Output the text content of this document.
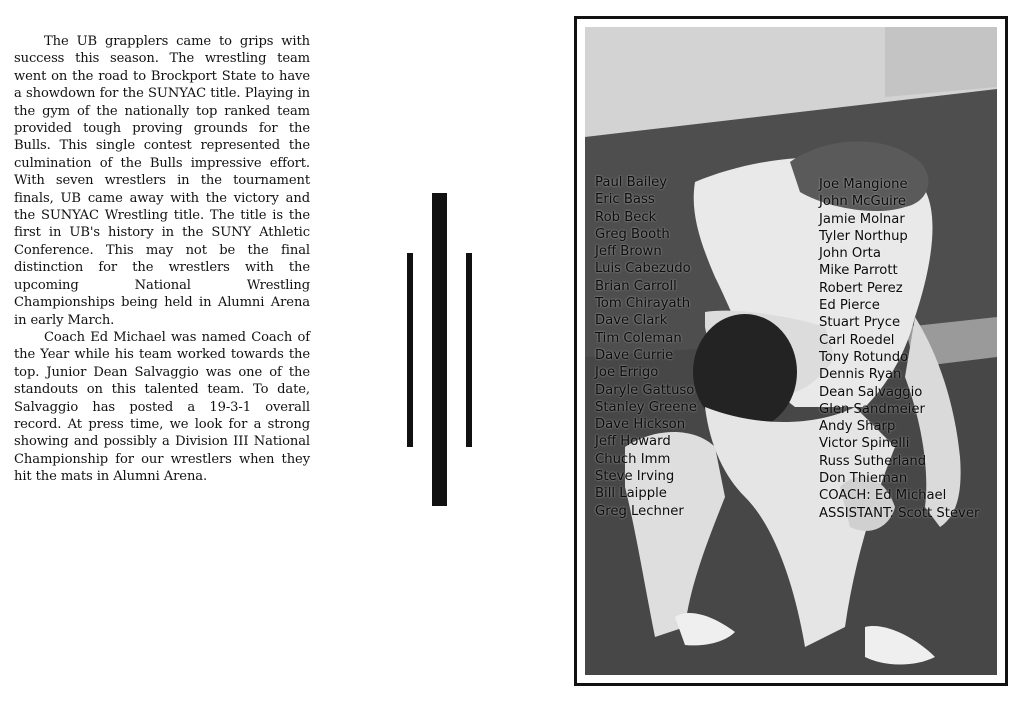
The UB grapplers came to grips with success this season. The wrestling team went on the road to Brockport State to have a showdown for the SUNYAC title. Playing in the gym of the nationally top ranked team provided tough proving grounds for the Bulls. This single contest represented the culmination of the Bulls impressive effort. With seven wrestlers in the tournament finals, UB came away with the victory and the SUNYAC Wrestling title. The title is the first in UB's history in the SUNY Athletic Conference. This may not be the final distinction for the wrestlers with the upcoming National Wrestling Championships being held in Alumni Arena in early March.

Coach Ed Michael was named Coach of the Year while his team worked towards the top. Junior Dean Salvaggio was one of the standouts on this talented team. To date, Salvaggio has posted a 19-3-1 overall record. At press time, we look for a strong showing and possibly a Division III National Championship for our wrestlers when they hit the mats in Alumni Arena.

Paul Bailey
Eric Bass
Rob Beck
Greg Booth
Jeff Brown
Luis Cabezudo
Brian Carroll
Tom Chirayath
Dave Clark
Tim Coleman
Dave Currie
Joe Errigo
Daryle Gattuso
Stanley Greene
Dave Hickson
Jeff Howard
Chuch Imm
Steve Irving
Bill Laipple
Greg Lechner
Joe Mangione
John McGuire
Jamie Molnar
Tyler Northup
John Orta
Mike Parrott
Robert Perez
Ed Pierce
Stuart Pryce
Carl Roedel
Tony Rotundo
Dennis Ryan
Dean Salvaggio
Glen Sandmeier
Andy Sharp
Victor Spinelli
Russ Sutherland
Don Thieman
COACH: Ed Michael
ASSISTANT: Scott Stever
